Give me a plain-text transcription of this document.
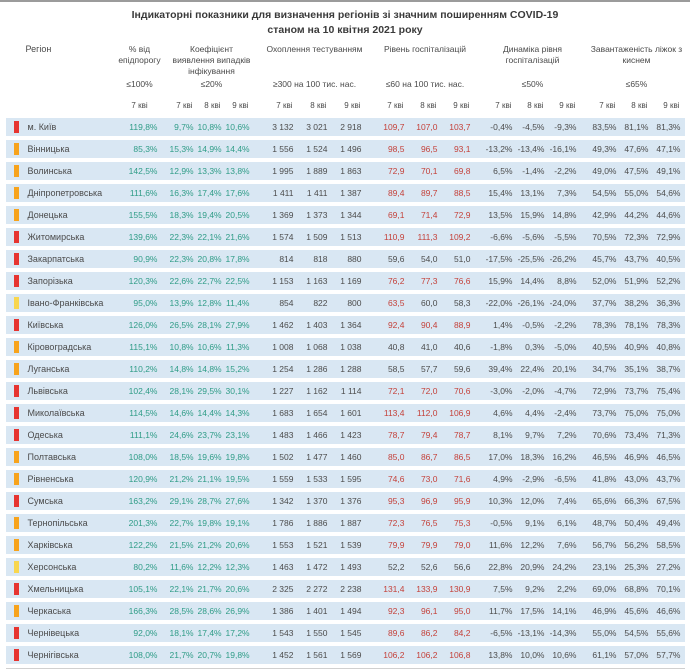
Індикаторні показники для визначення регіонів зі значним поширенням COVID-19
станом на 10 квітня 2021 року
Регіон	% від епідпорогу
Коефіцієнт виявлення випадків інфікування
Охоплення тестуванням	Рівень госпіталізацій	Динаміка рівня госпіталізацій
Завантаженість ліжок з киснем
≤100%	≤20%	≥300 на 100 тис. нас.	≤60 на 100 тис. нас.	≤50%	≤65%
7 кві	7 кві	8 кві	9 кві	7 кві	8 кві	9 кві	7 кві	8 кві	9 кві	7 кві	8 кві	9 кві	7 кві	8 кві	9 кві
м. Київ	119,8%	9,7% 10,8% 10,6%	3 132	3 021	2 918	109,7	107,0	103,7	-0,4%	-4,5%	-9,3%	83,5% 81,1% 81,3%
Вінницька	85,3%	15,3% 14,9% 14,4%	1 556	1 524	1 496	98,5	96,5	93,1	-13,2% -13,4% -16,1%	49,3% 47,6% 47,1%
Волинська	142,5%	12,9% 13,3% 13,8%	1 995	1 889	1 863	72,9	70,1	69,8	6,5%	-1,4%	-2,2%	49,0% 47,5% 49,1%
Дніпропетровська	111,6%	16,3% 17,4% 17,6%	1 411	1 411	1 387	89,4	89,7	88,5	15,4% 13,1%	7,3%	54,5% 55,0% 54,6%
Донецька	155,5%	18,3% 19,4% 20,5%	1 369	1 373	1 344	69,1	71,4	72,9	13,5% 15,9% 14,8%	42,9% 44,2% 44,6%
Житомирська	139,6%	22,3% 22,1% 21,6%	1 574	1 509	1 513	110,9	111,3	109,2	-6,6%	-5,6%	-5,5%	70,5% 72,3% 72,9%
Закарпатська	90,9%	22,3% 20,8% 17,8%	814	818	880	59,6	54,0	51,0	-17,5% -25,5% -26,2%	45,7% 43,7% 40,5%
Запорізька	120,3%	22,6% 22,7% 22,5%	1 153	1 163	1 169	76,2	77,3	76,6	15,9% 14,4%	8,8%	52,0% 51,9% 52,2%
Івано-Франківська	95,0%	13,9% 12,8% 11,4%	854	822	800	63,5	60,0	58,3	-22,0% -26,1% -24,0%	37,7% 38,2% 36,3%
Київська	126,0%	26,5% 28,1% 27,9%	1 462	1 403	1 364	92,4	90,4	88,9	1,4%	-0,5%	-2,2%	78,3% 78,1% 78,3%
Кіровоградська	115,1%	10,8% 10,6% 11,3%	1 008	1 068	1 038	40,8	41,0	40,6	-1,8%	0,3%	-5,0%	40,5% 40,9% 40,8%
Луганська	110,2%	14,8% 14,8% 15,2%	1 254	1 286	1 288	58,5	57,7	59,6	39,4% 22,4% 20,1%	34,7% 35,1% 38,7%
Львівська	102,4%	28,1% 29,5% 30,1%	1 227	1 162	1 114	72,1	72,0	70,6	-3,0%	-2,0%	-4,7%	72,9% 73,7% 75,4%
Миколаївська	114,5%	14,6% 14,4% 14,3%	1 683	1 654	1 601	113,4	112,0	106,9	4,6%	4,4%	-2,4%	73,7% 75,0% 75,0%
Одеська	111,1%	24,6% 23,7% 23,1%	1 483	1 466	1 423	78,7	79,4	78,7	8,1%	9,7%	7,2%	70,6% 73,4% 71,3%
Полтавська	108,0%	18,5% 19,6% 19,8%	1 502	1 477	1 460	85,0	86,7	86,5	17,0% 18,3% 16,2%	46,5% 46,9% 46,5%
Рівненська	120,9%	21,2% 21,1% 19,5%	1 559	1 533	1 595	74,6	73,0	71,6	4,9%	-2,9%	-6,5%	41,8% 43,0% 43,7%
Сумська	163,2%	29,1% 28,7% 27,6%	1 342	1 370	1 376	95,3	96,9	95,9	10,3% 12,0%	7,4%	65,6% 66,3% 67,5%
Тернопільська	201,3%	22,7% 19,8% 19,1%	1 786	1 886	1 887	72,3	76,5	75,3	-0,5%	9,1%	6,1%	48,7% 50,4% 49,4%
Харківська	122,2%	21,5% 21,2% 20,6%	1 553	1 521	1 539	79,9	79,9	79,0	11,6% 12,2%	7,6%	56,7% 56,2% 58,5%
Херсонська	80,2%	11,6% 12,2% 12,3%	1 463	1 472	1 493	52,2	52,6	56,6	22,8% 20,9% 24,2%	23,1% 25,3% 27,2%
Хмельницька	105,1%	22,1% 21,7% 20,6%	2 325	2 272	2 238	131,4	133,9	130,9	7,5%	9,2%	2,2%	69,0% 68,8% 70,1%
Черкаська	166,3%	28,5% 28,6% 26,9%	1 386	1 401	1 494	92,3	96,1	95,0	11,7% 17,5% 14,1%	46,9% 45,6% 46,6%
Чернівецька	92,0%	18,1% 17,4% 17,2%	1 543	1 550	1 545	89,6	86,2	84,2	-6,5% -13,1% -14,3%	55,0% 54,5% 55,6%
Чернігівська	108,0%	21,7% 20,7% 19,8%	1 452	1 561	1 569	106,2	106,2	106,8	13,8% 10,0% 10,6%	61,1% 57,0% 57,7%
